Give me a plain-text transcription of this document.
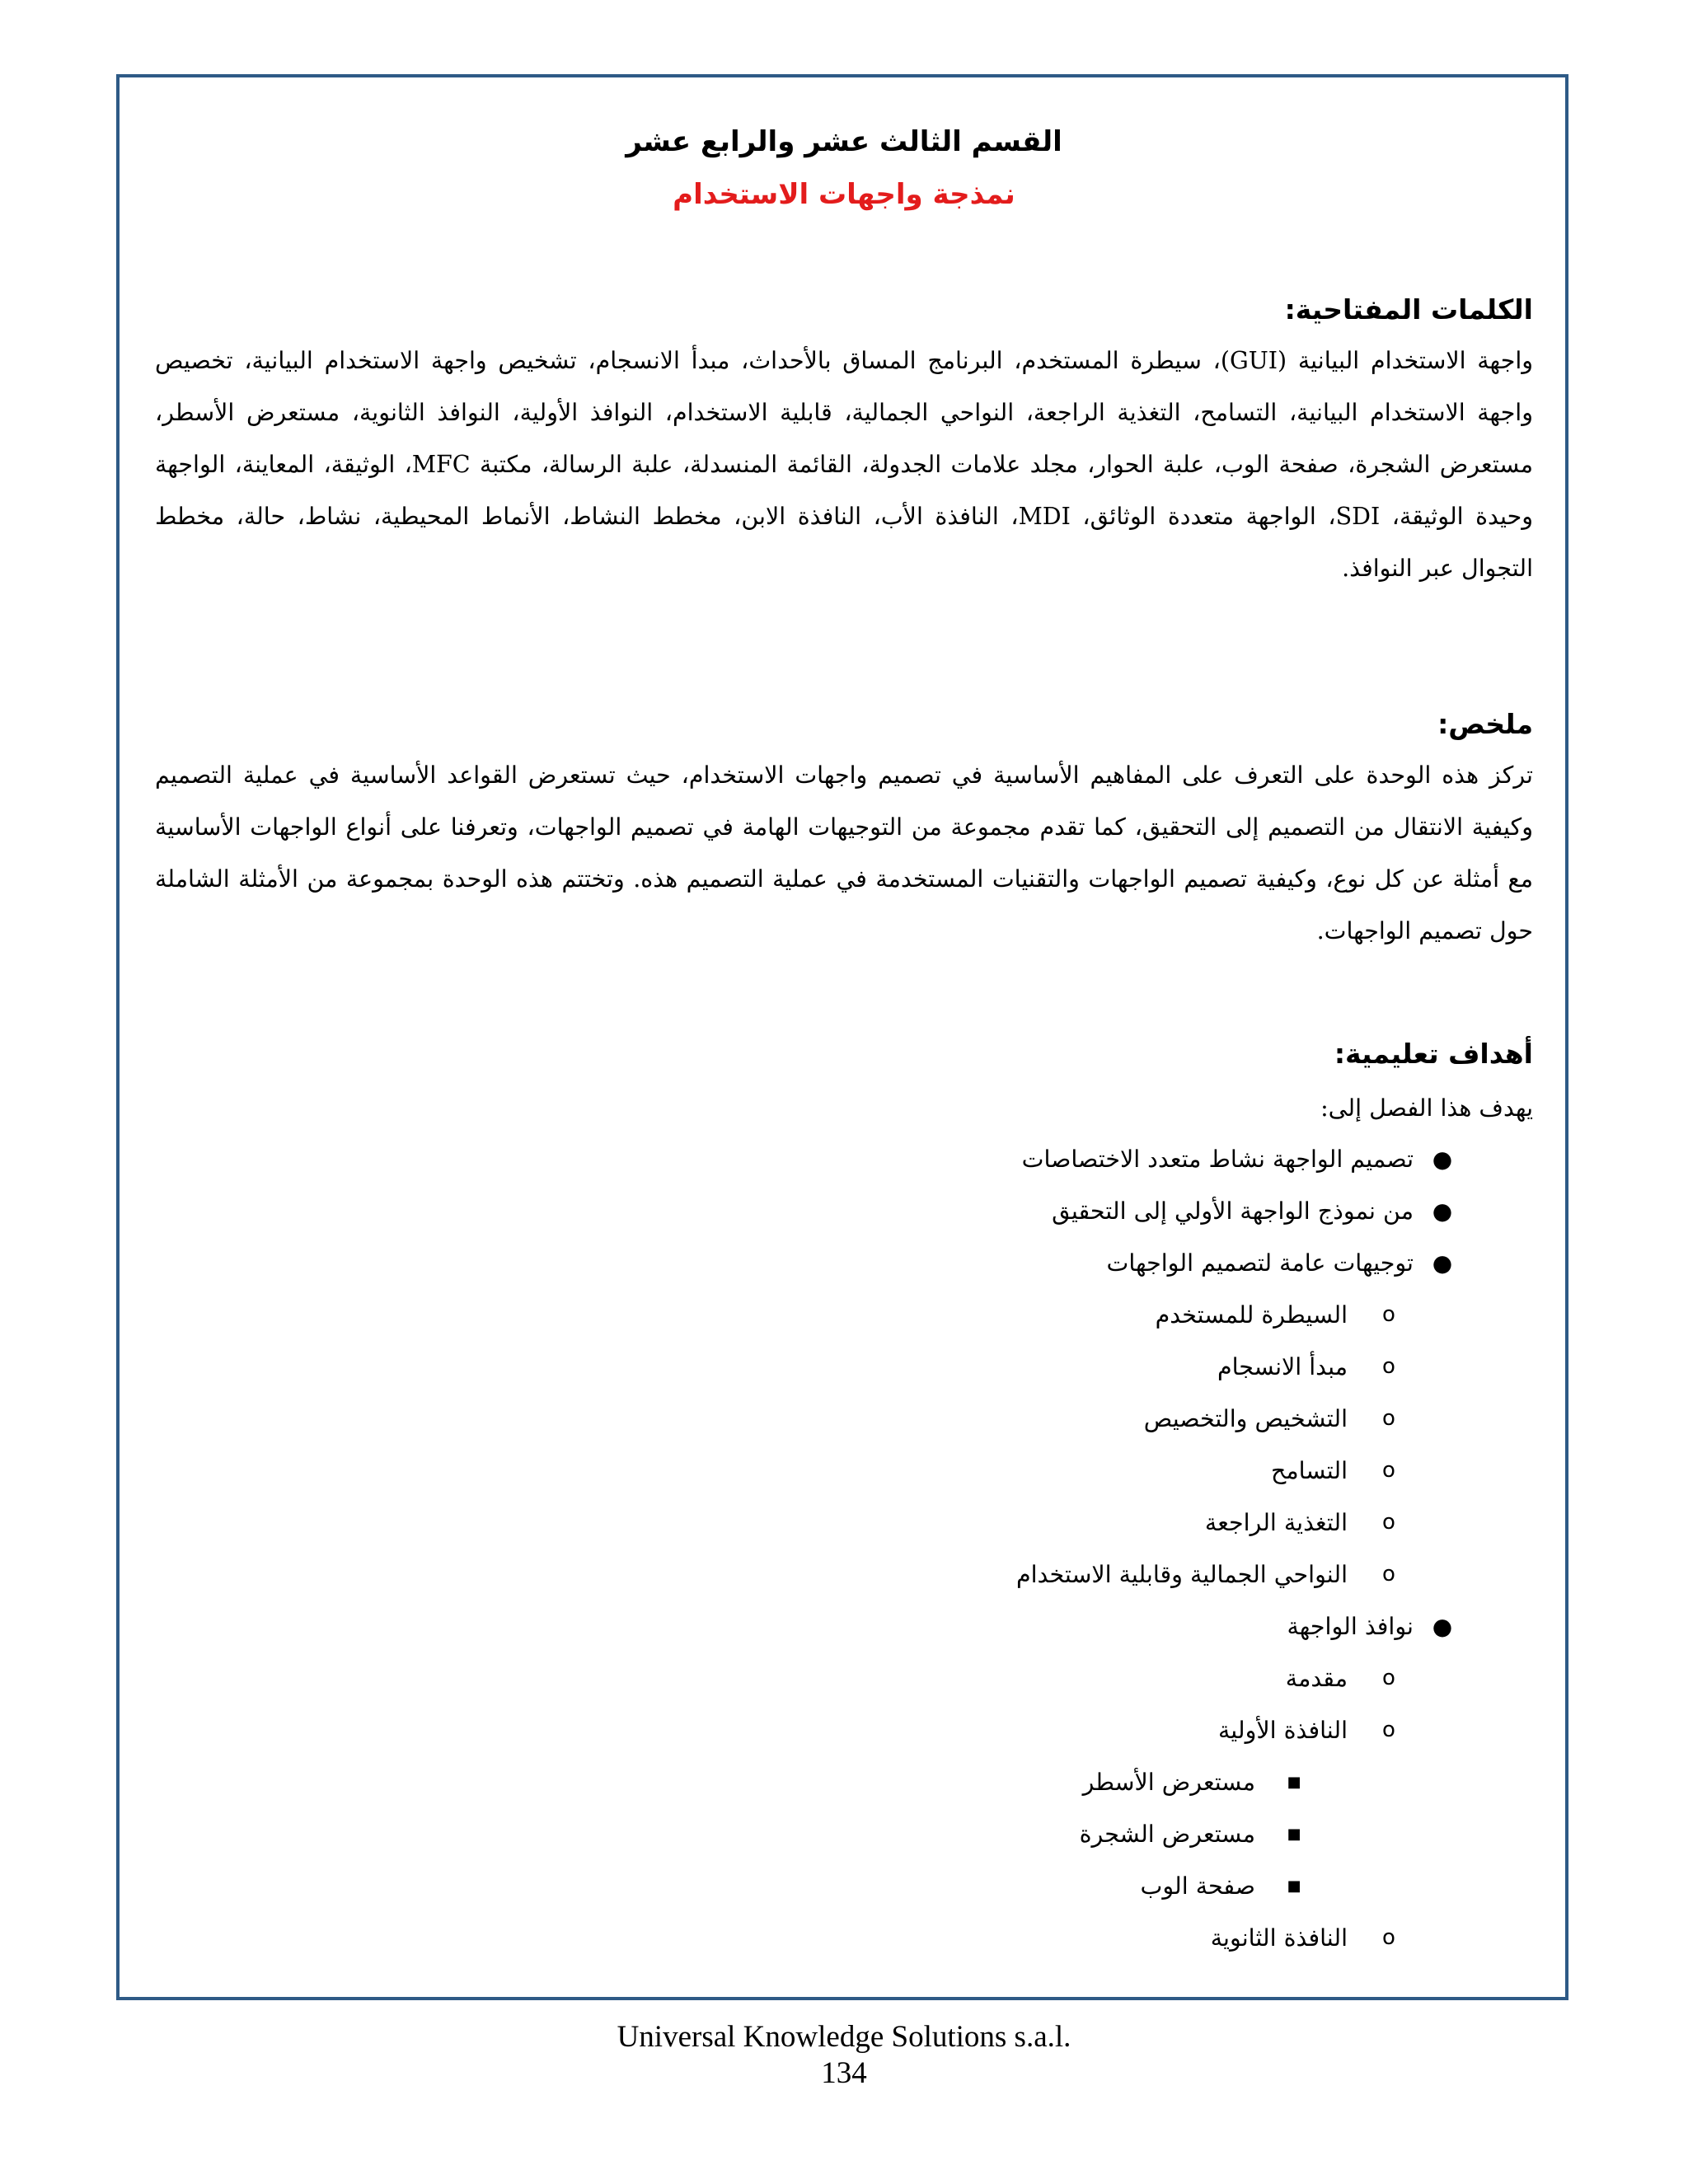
القسم الثالث عشر والرابع عشر
نمذجة واجهات الاستخدام
الكلمات المفتاحية:

واجهة الاستخدام البيانية (GUI)، سيطرة المستخدم، البرنامج المساق بالأحداث، مبدأ الانسجام، تشخيص واجهة الاستخدام البيانية، تخصيص واجهة الاستخدام البيانية، التسامح، التغذية الراجعة، النواحي الجمالية، قابلية الاستخدام، النوافذ الأولية، النوافذ الثانوية، مستعرض الأسطر، مستعرض الشجرة، صفحة الوب، علبة الحوار، مجلد علامات الجدولة، القائمة المنسدلة، علبة الرسالة، مكتبة MFC، الوثيقة، المعاينة، الواجهة وحيدة الوثيقة، SDI، الواجهة متعددة الوثائق، MDI، النافذة الأب، النافذة الابن، مخطط النشاط، الأنماط المحيطية، نشاط، حالة، مخطط التجوال عبر النوافذ.

ملخص:

تركز هذه الوحدة على التعرف على المفاهيم الأساسية في تصميم واجهات الاستخدام، حيث تستعرض القواعد الأساسية في عملية التصميم وكيفية الانتقال من التصميم إلى التحقيق، كما تقدم مجموعة من التوجيهات الهامة في تصميم الواجهات، وتعرفنا على أنواع الواجهات الأساسية مع أمثلة عن كل نوع، وكيفية تصميم الواجهات والتقنيات المستخدمة في عملية التصميم هذه. وتختتم هذه الوحدة بمجموعة من الأمثلة الشاملة حول تصميم الواجهات.

أهداف تعليمية:

يهدف هذا الفصل إلى:

●
تصميم الواجهة نشاط متعدد الاختصاصات
●
من نموذج الواجهة الأولي إلى التحقيق
●
توجيهات عامة لتصميم الواجهات
o
السيطرة للمستخدم
o
مبدأ الانسجام
o
التشخيص والتخصيص
o
التسامح
o
التغذية الراجعة
o
النواحي الجمالية وقابلية الاستخدام
●
نوافذ الواجهة
o
مقدمة
o
النافذة الأولية
■
مستعرض الأسطر
■
مستعرض الشجرة
■
صفحة الوب
o
النافذة الثانوية
Universal Knowledge Solutions s.a.l.
134
